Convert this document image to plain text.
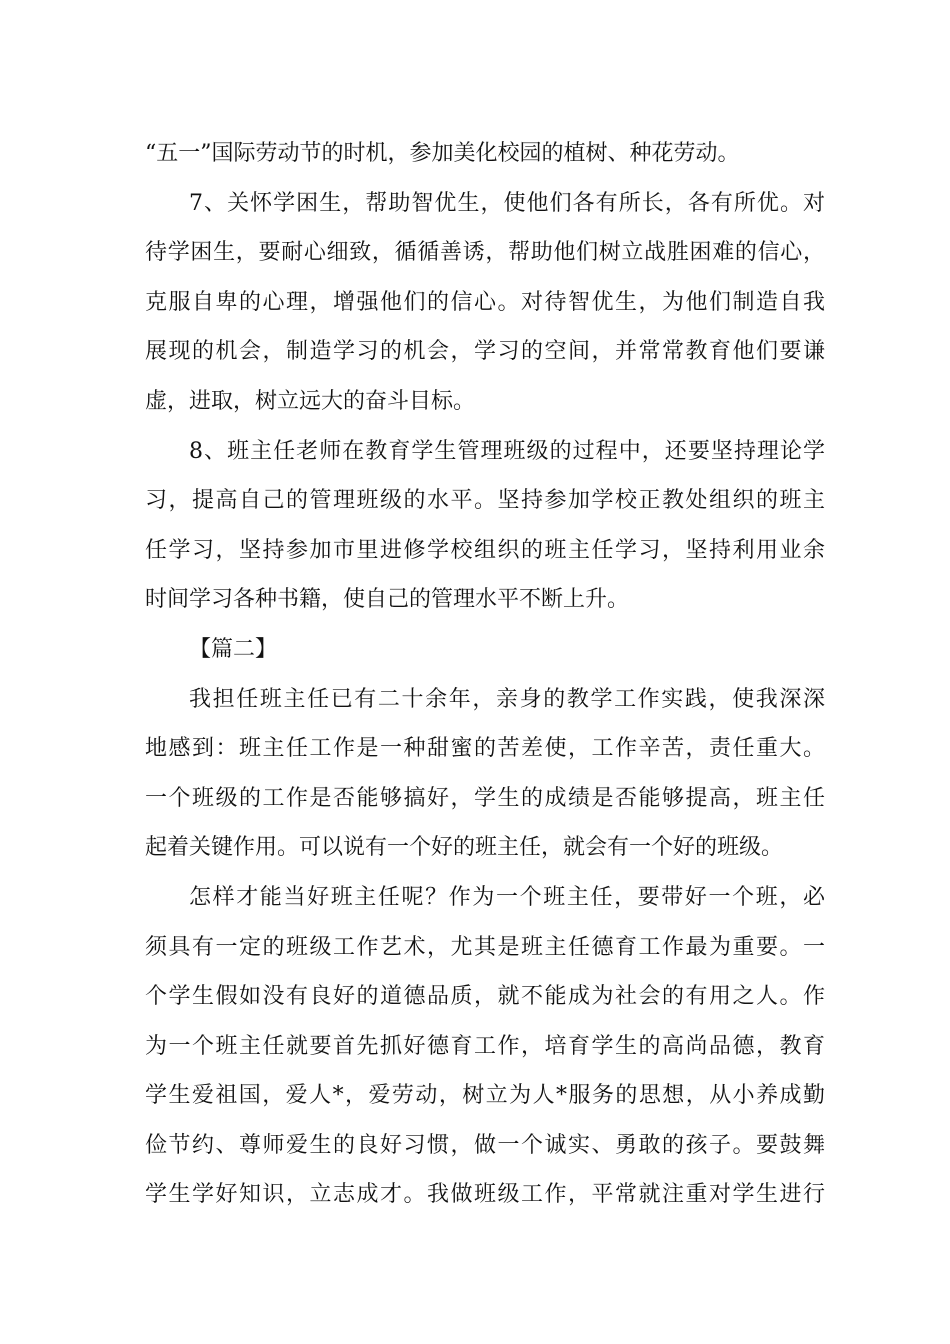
“五一”国际劳动节的时机，参加美化校园的植树、种花劳动。
7、关怀学困生，帮助智优生，使他们各有所长，各有所优。对
待学困生，要耐心细致，循循善诱，帮助他们树立战胜困难的信心，
克服自卑的心理，增强他们的信心。对待智优生，为他们制造自我
展现的机会，制造学习的机会，学习的空间，并常常教育他们要谦
虚，进取，树立远大的奋斗目标。
8、班主任老师在教育学生管理班级的过程中，还要坚持理论学
习，提高自己的管理班级的水平。坚持参加学校正教处组织的班主
任学习，坚持参加市里进修学校组织的班主任学习，坚持利用业余
时间学习各种书籍，使自己的管理水平不断上升。
【篇二】
我担任班主任已有二十余年，亲身的教学工作实践，使我深深
地感到：班主任工作是一种甜蜜的苦差使，工作辛苦，责任重大。
一个班级的工作是否能够搞好，学生的成绩是否能够提高，班主任
起着关键作用。可以说有一个好的班主任，就会有一个好的班级。
怎样才能当好班主任呢？作为一个班主任，要带好一个班，必
须具有一定的班级工作艺术，尤其是班主任德育工作最为重要。一
个学生假如没有良好的道德品质，就不能成为社会的有用之人。作
为一个班主任就要首先抓好德育工作，培育学生的高尚品德，教育
学生爱祖国，爱人*，爱劳动，树立为人*服务的思想，从小养成勤
俭节约、尊师爱生的良好习惯，做一个诚实、勇敢的孩子。要鼓舞
学生学好知识，立志成才。我做班级工作，平常就注重对学生进行
